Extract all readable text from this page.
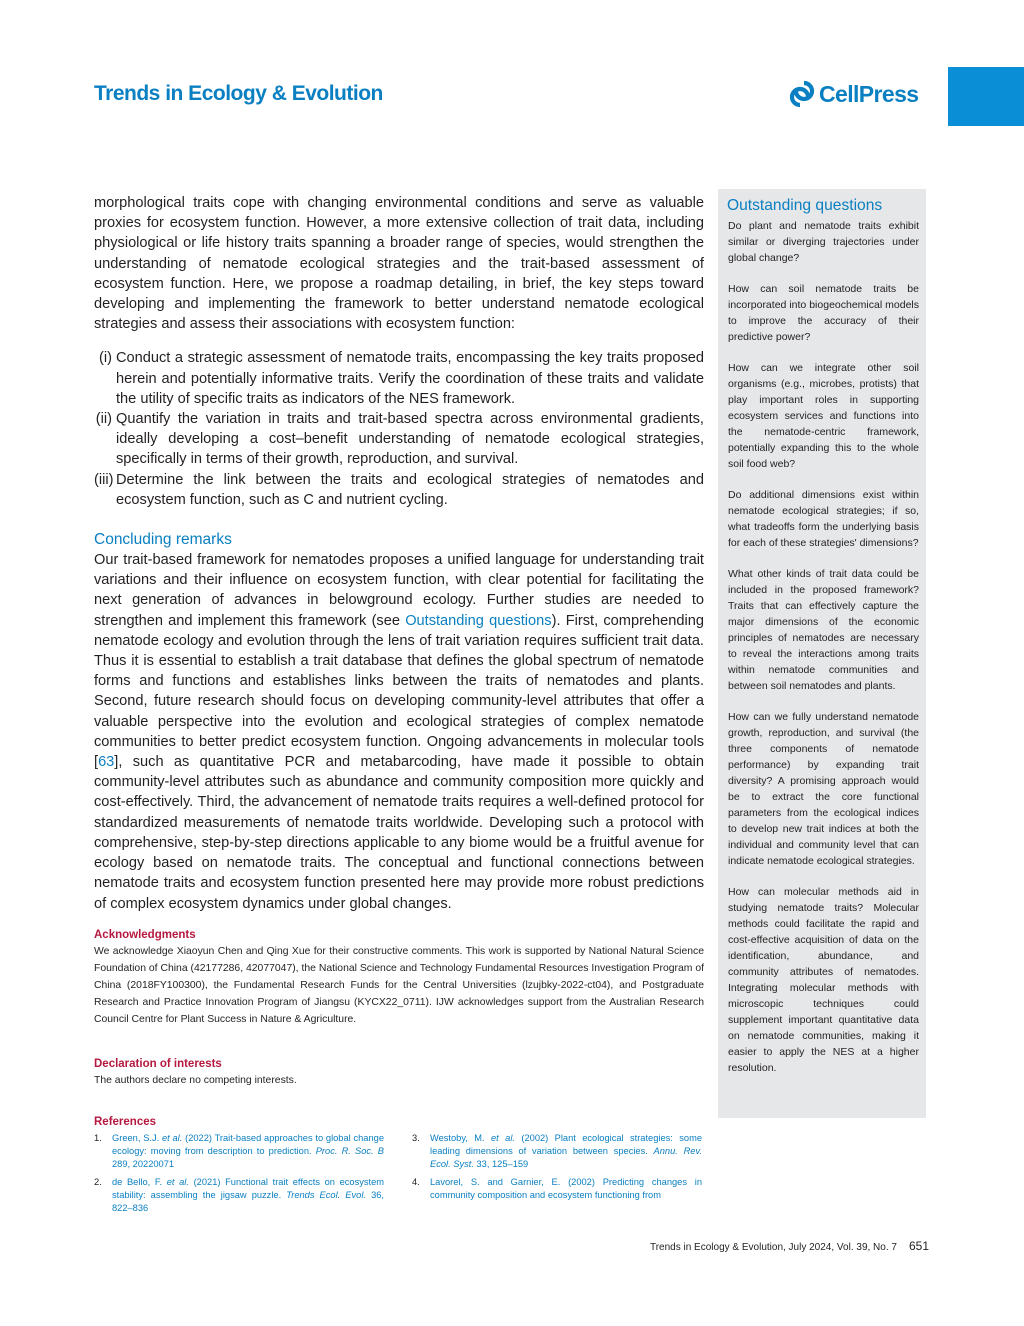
Trends in Ecology & Evolution	CellPress

morphological traits cope with changing environmental conditions and serve as valuable proxies for ecosystem function. However, a more extensive collection of trait data, including physiological or life history traits spanning a broader range of species, would strengthen the understanding of nematode ecological strategies and the trait-based assessment of ecosystem function. Here, we propose a roadmap detailing, in brief, the key steps toward developing and implementing the framework to better understand nematode ecological strategies and assess their associations with ecosystem function:

(i) Conduct a strategic assessment of nematode traits, encompassing the key traits proposed herein and potentially informative traits. Verify the coordination of these traits and validate the utility of specific traits as indicators of the NES framework.
(ii) Quantify the variation in traits and trait-based spectra across environmental gradients, ideally developing a cost–benefit understanding of nematode ecological strategies, specifically in terms of their growth, reproduction, and survival.
(iii) Determine the link between the traits and ecological strategies of nematodes and ecosystem function, such as C and nutrient cycling.
Concluding remarks

Our trait-based framework for nematodes proposes a unified language for understanding trait variations and their influence on ecosystem function, with clear potential for facilitating the next generation of advances in belowground ecology. Further studies are needed to strengthen and implement this framework (see Outstanding questions). First, comprehending nematode ecology and evolution through the lens of trait variation requires sufficient trait data. Thus it is essential to establish a trait database that defines the global spectrum of nematode forms and functions and establishes links between the traits of nematodes and plants. Second, future research should focus on developing community-level attributes that offer a valuable perspective into the evolution and ecological strategies of complex nematode communities to better predict ecosystem function. Ongoing advancements in molecular tools [63], such as quantitative PCR and metabarcoding, have made it possible to obtain community-level attributes such as abundance and community composition more quickly and cost-effectively. Third, the advancement of nematode traits requires a well-defined protocol for standardized measurements of nematode traits worldwide. Developing such a protocol with comprehensive, step-by-step directions applicable to any biome would be a fruitful avenue for ecology based on nematode traits. The conceptual and functional connections between nematode traits and ecosystem function presented here may provide more robust predictions of complex ecosystem dynamics under global changes.

Acknowledgments

We acknowledge Xiaoyun Chen and Qing Xue for their constructive comments. This work is supported by National Natural Science Foundation of China (42177286, 42077047), the National Science and Technology Fundamental Resources Investigation Program of China (2018FY100300), the Fundamental Research Funds for the Central Universities (lzujbky-2022-ct04), and Postgraduate Research and Practice Innovation Program of Jiangsu (KYCX22_0711). IJW acknowledges support from the Australian Research Council Centre for Plant Success in Nature & Agriculture.

Declaration of interests

The authors declare no competing interests.

References
1. Green, S.J. et al. (2022) Trait-based approaches to global change ecology: moving from description to prediction. Proc. R. Soc. B 289, 20220071
2. de Bello, F. et al. (2021) Functional trait effects on ecosystem stability: assembling the jigsaw puzzle. Trends Ecol. Evol. 36, 822–836
3. Westoby, M. et al. (2002) Plant ecological strategies: some leading dimensions of variation between species. Annu. Rev. Ecol. Syst. 33, 125–159
4. Lavorel, S. and Garnier, E. (2002) Predicting changes in community composition and ecosystem functioning from
Outstanding questions

Do plant and nematode traits exhibit similar or diverging trajectories under global change?

How can soil nematode traits be incorporated into biogeochemical models to improve the accuracy of their predictive power?

How can we integrate other soil organisms (e.g., microbes, protists) that play important roles in supporting ecosystem services and functions into the nematode-centric framework, potentially expanding this to the whole soil food web?

Do additional dimensions exist within nematode ecological strategies; if so, what tradeoffs form the underlying basis for each of these strategies' dimensions?

What other kinds of trait data could be included in the proposed framework? Traits that can effectively capture the major dimensions of the economic principles of nematodes are necessary to reveal the interactions among traits within nematode communities and between soil nematodes and plants.

How can we fully understand nematode growth, reproduction, and survival (the three components of nematode performance) by expanding trait diversity? A promising approach would be to extract the core functional parameters from the ecological indices to develop new trait indices at both the individual and community level that can indicate nematode ecological strategies.

How can molecular methods aid in studying nematode traits? Molecular methods could facilitate the rapid and cost-effective acquisition of data on the identification, abundance, and community attributes of nematodes. Integrating molecular methods with microscopic techniques could supplement important quantitative data on nematode communities, making it easier to apply the NES at a higher resolution.

Trends in Ecology & Evolution, July 2024, Vol. 39, No. 7 651
